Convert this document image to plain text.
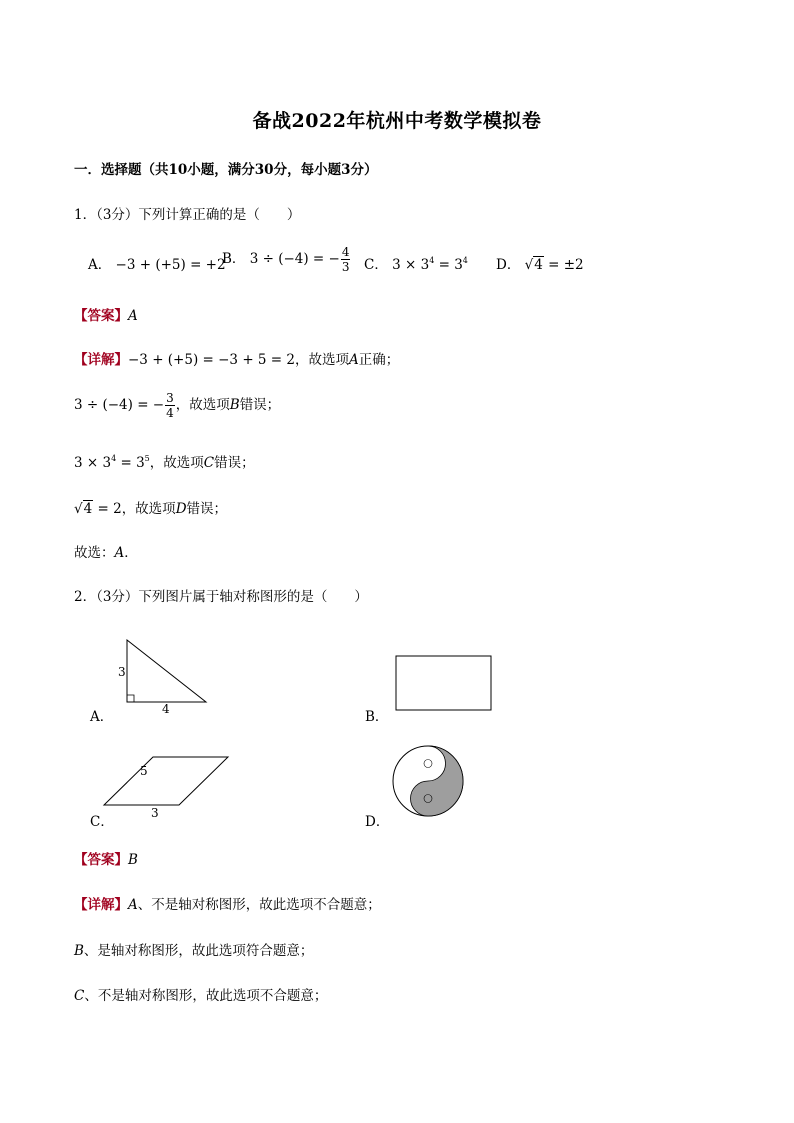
备战2022年杭州中考数学模拟卷
一．选择题（共10小题，满分30分，每小题3分）
1．（3分）下列计算正确的是（　　）
A． −3 + (+5) = +2
B． 3 ÷ (−4) = − $\frac{4}{3}$ C． $3 \times 3^4 = 3^4$ D． √4 = ±2
【答案】A
【详解】−3 + (+5) = −3 + 5 = 2，故选项A正确；
3 ÷ (−4) = − $\frac{3}{4}$ ，故选项B错误；
$3 \times 3^4 = 3^5$，故选项C错误；
√4 = 2，故选项D错误；
故选：A．
2．（3分）下列图片属于轴对称图形的是（　　）
3
4
A．	B．
5
3
C．	D．
【答案】B
【详解】A、不是轴对称图形，故此选项不合题意；
B、是轴对称图形，故此选项符合题意；
C、不是轴对称图形，故此选项不合题意；
